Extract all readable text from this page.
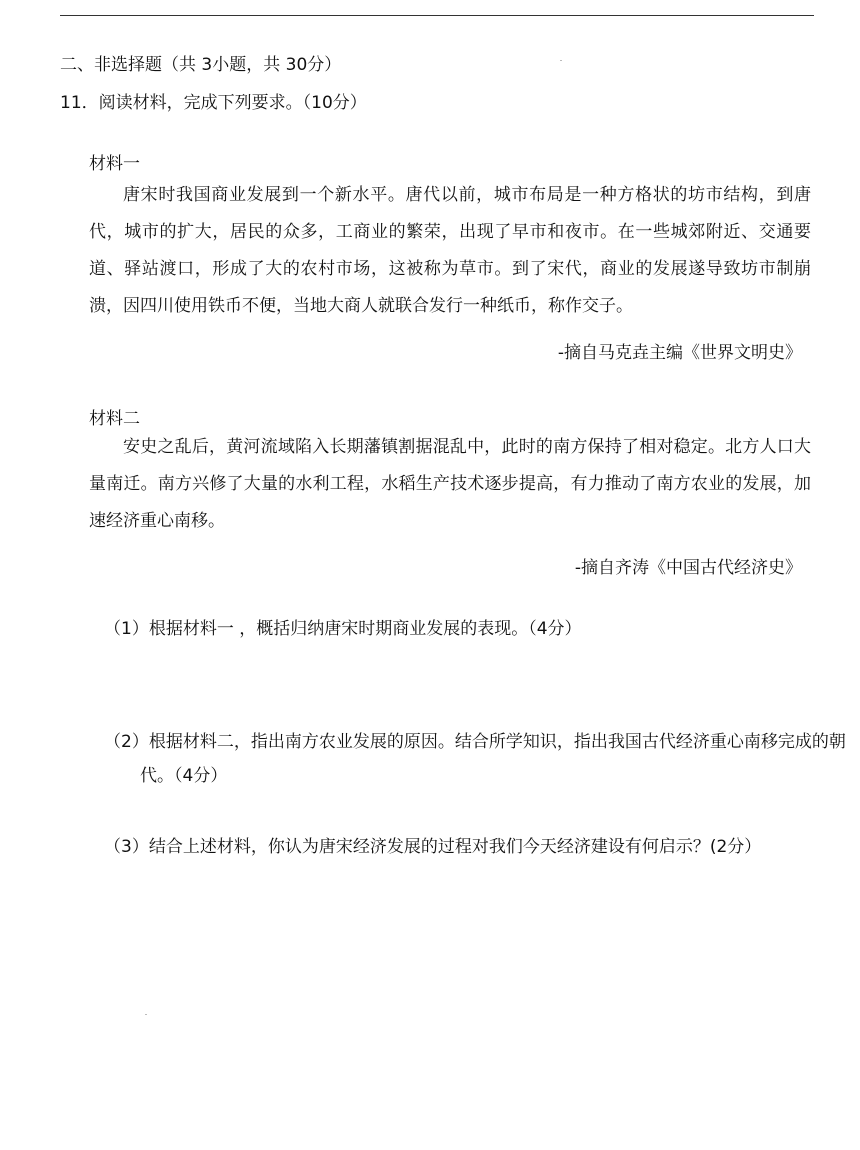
二、非选择题（共 3小题，共 30分）
11．阅读材料，完成下列要求。（10分）
材料一
唐宋时我国商业发展到一个新水平。唐代以前，城市布局是一种方格状的坊市结构，到唐代，城市的扩大，居民的众多，工商业的繁荣，出现了早市和夜市。在一些城郊附近、交通要道、驿站渡口，形成了大的农村市场，这被称为草市。到了宋代，商业的发展遂导致坊市制崩溃，因四川使用铁币不便，当地大商人就联合发行一种纸币，称作交子。
-摘自马克垚主编《世界文明史》
材料二
安史之乱后，黄河流域陷入长期藩镇割据混乱中，此时的南方保持了相对稳定。北方人口大量南迁。南方兴修了大量的水利工程，水稻生产技术逐步提高，有力推动了南方农业的发展，加速经济重心南移。
-摘自齐涛《中国古代经济史》
（1）根据材料一 ，概括归纳唐宋时期商业发展的表现。（4分）
（2）根据材料二，指出南方农业发展的原因。结合所学知识，指出我国古代经济重心南移完成的朝代。（4分）
（3）结合上述材料，你认为唐宋经济发展的过程对我们今天经济建设有何启示？(2分）
